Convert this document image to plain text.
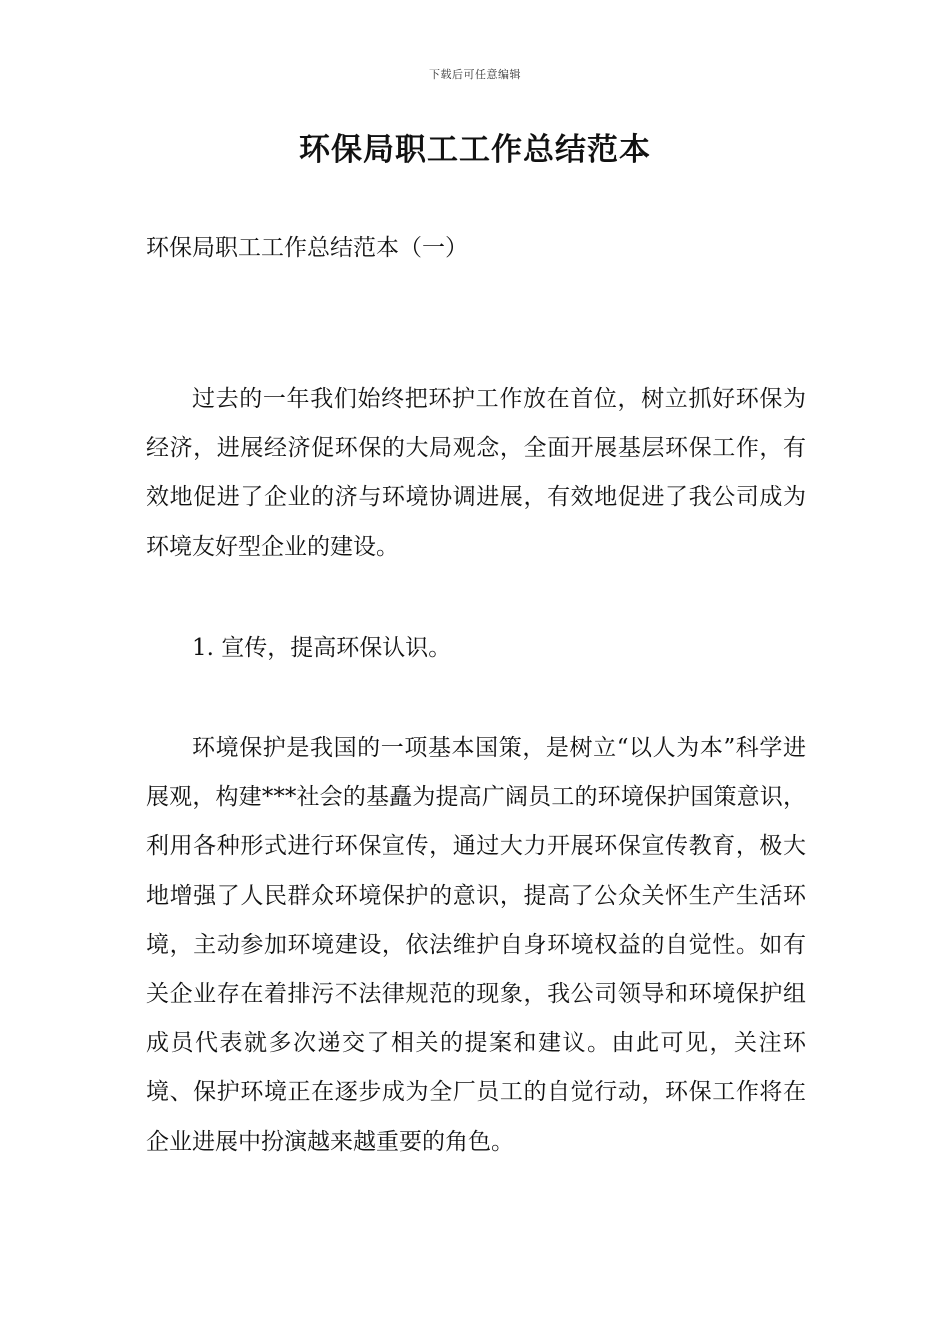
下载后可任意编辑
环保局职工工作总结范本

环保局职工工作总结范本（一）

过去的一年我们始终把环护工作放在首位，树立抓好环保为经济，进展经济促环保的大局观念，全面开展基层环保工作，有效地促进了企业的济与环境协调进展，有效地促进了我公司成为环境友好型企业的建设。

1. 宣传，提高环保认识。

环境保护是我国的一项基本国策，是树立“以人为本”科学进展观，构建***社会的基矗为提高广阔员工的环境保护国策意识，利用各种形式进行环保宣传，通过大力开展环保宣传教育，极大地增强了人民群众环境保护的意识，提高了公众关怀生产生活环境，主动参加环境建设，依法维护自身环境权益的自觉性。如有关企业存在着排污不法律规范的现象，我公司领导和环境保护组成员代表就多次递交了相关的提案和建议。由此可见，关注环境、保护环境正在逐步成为全厂员工的自觉行动，环保工作将在企业进展中扮演越来越重要的角色。
